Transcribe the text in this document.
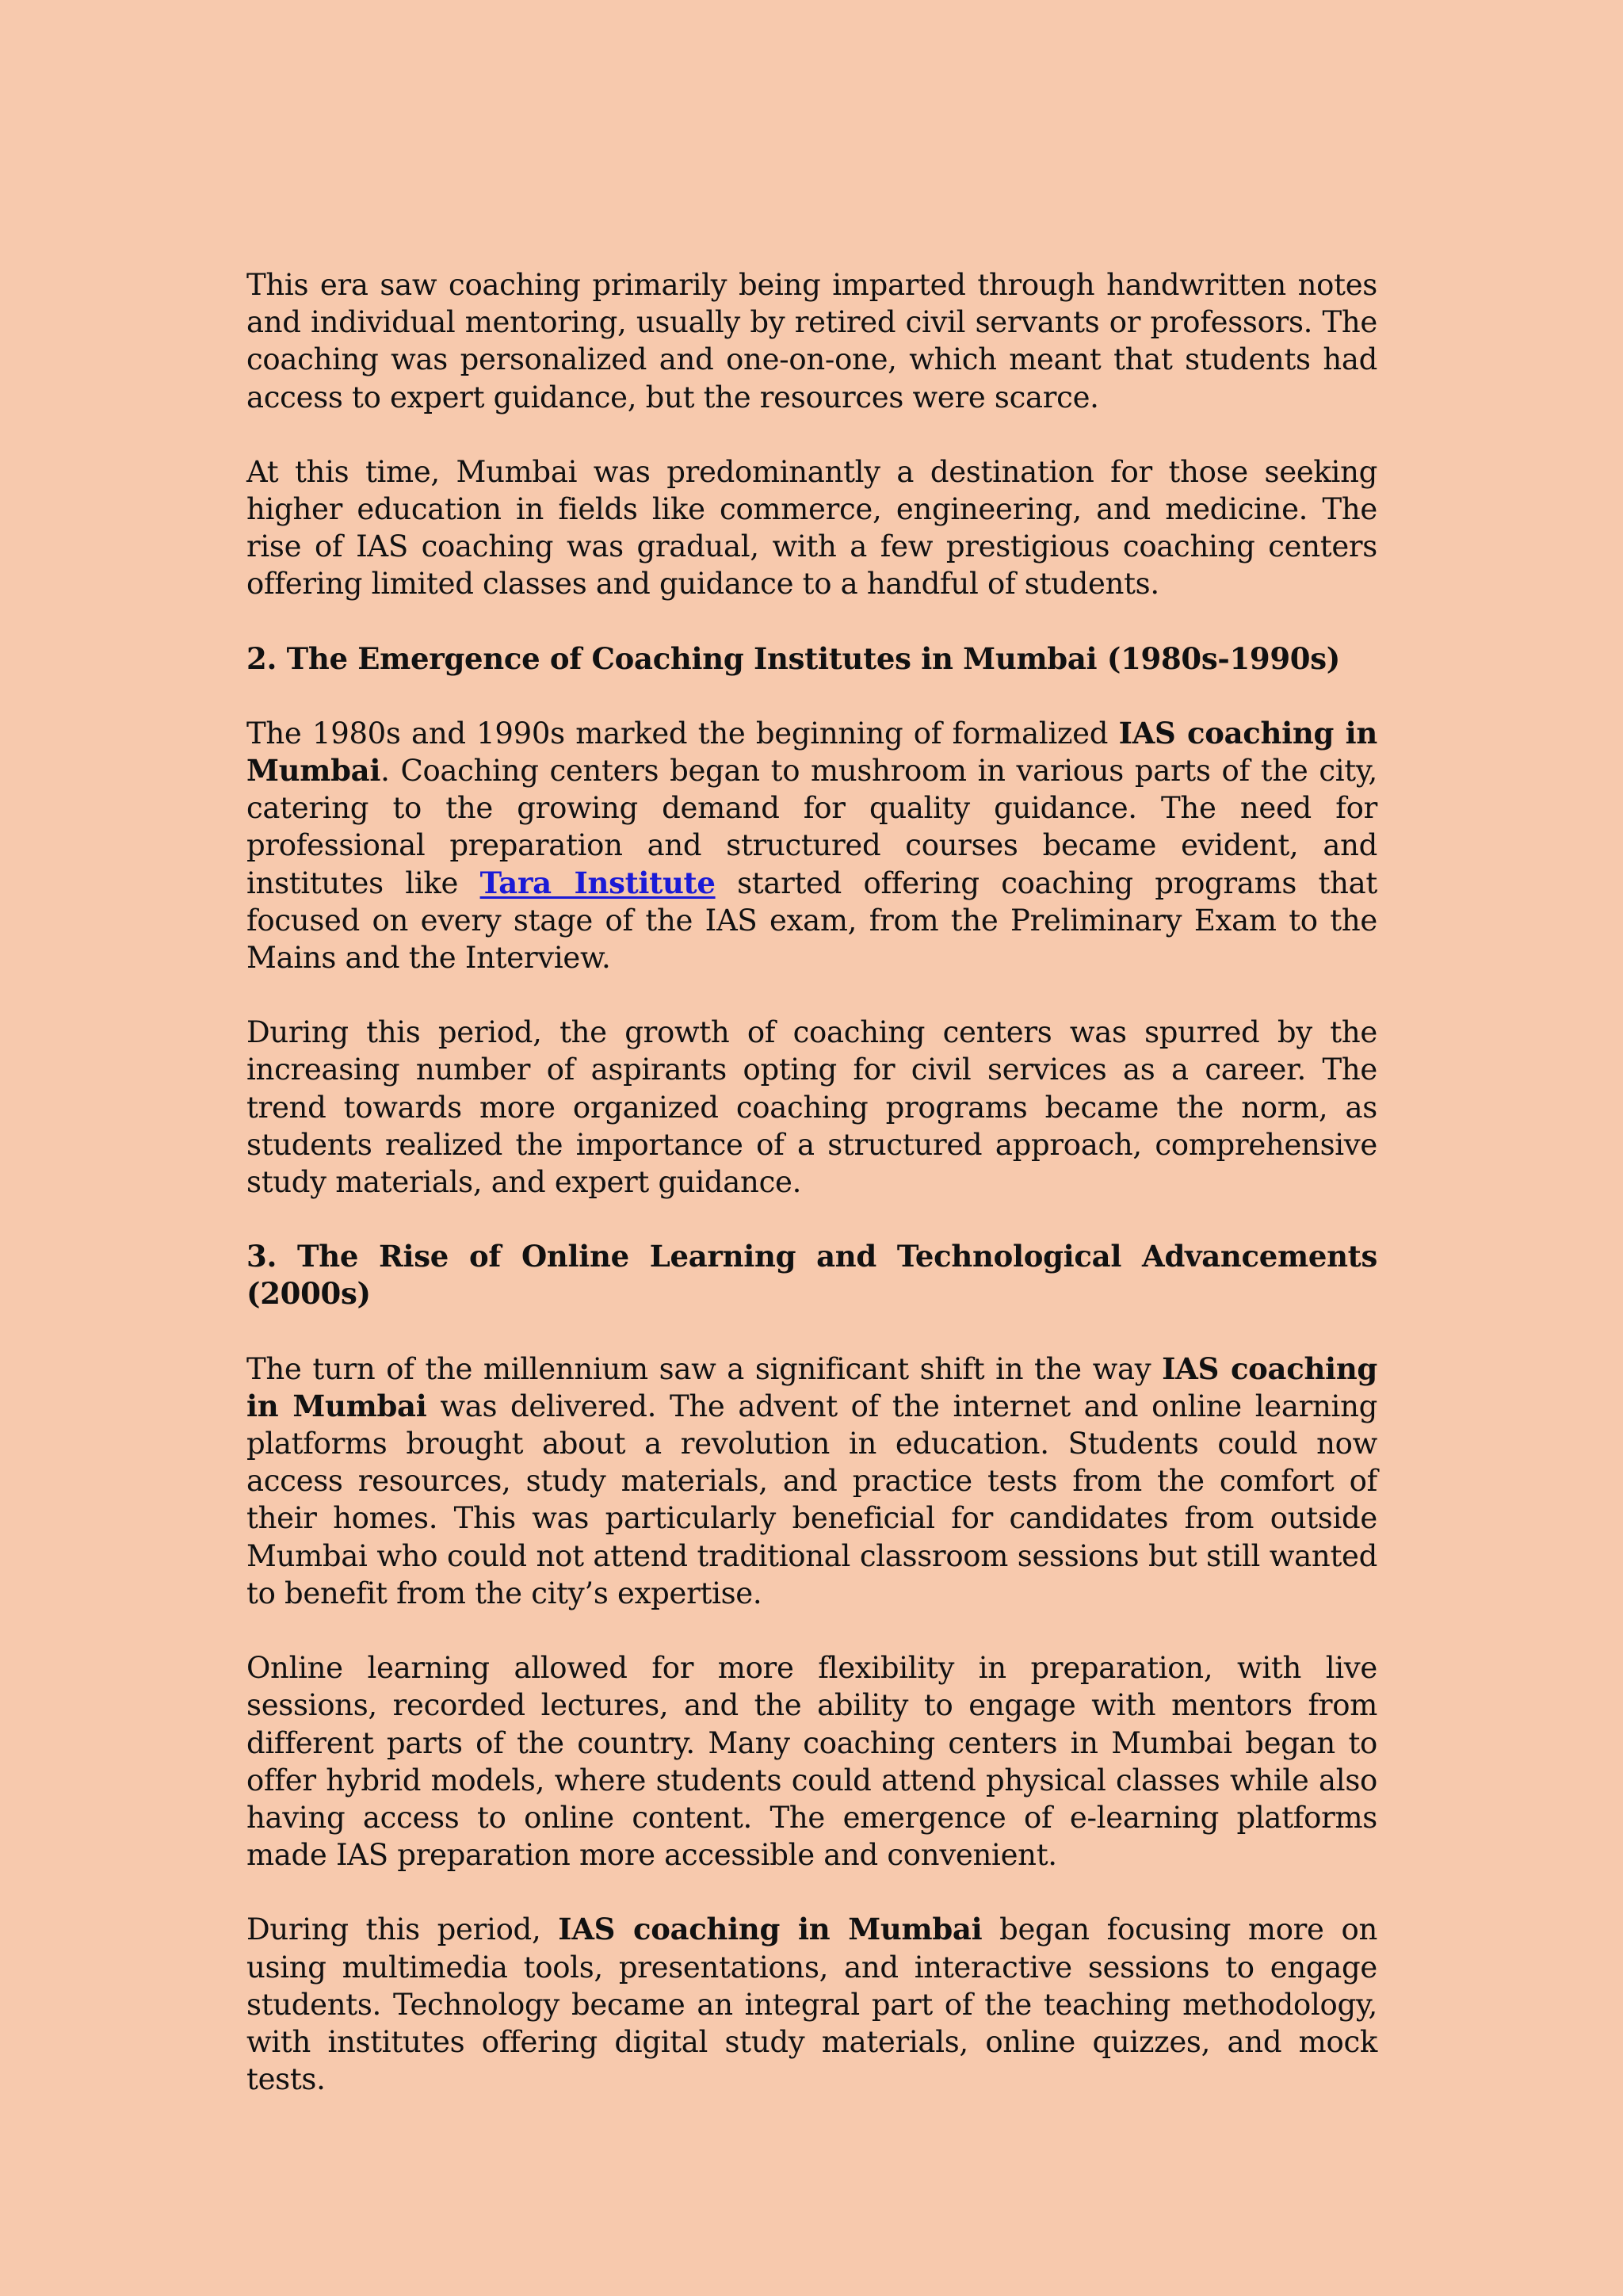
This era saw coaching primarily being imparted through handwritten notes and individual mentoring, usually by retired civil servants or professors. The coaching was personalized and one-on-one, which meant that students had access to expert guidance, but the resources were scarce.

At this time, Mumbai was predominantly a destination for those seeking higher education in fields like commerce, engineering, and medicine. The rise of IAS coaching was gradual, with a few prestigious coaching centers offering limited classes and guidance to a handful of students.

2. The Emergence of Coaching Institutes in Mumbai (1980s-1990s)

The 1980s and 1990s marked the beginning of formalized IAS coaching in Mumbai. Coaching centers began to mushroom in various parts of the city, catering to the growing demand for quality guidance. The need for professional preparation and structured courses became evident, and institutes like Tara Institute started offering coaching programs that focused on every stage of the IAS exam, from the Preliminary Exam to the Mains and the Interview.

During this period, the growth of coaching centers was spurred by the increasing number of aspirants opting for civil services as a career. The trend towards more organized coaching programs became the norm, as students realized the importance of a structured approach, comprehensive study materials, and expert guidance.

3. The Rise of Online Learning and Technological Advancements (2000s)

The turn of the millennium saw a significant shift in the way IAS coaching in Mumbai was delivered. The advent of the internet and online learning platforms brought about a revolution in education. Students could now access resources, study materials, and practice tests from the comfort of their homes. This was particularly beneficial for candidates from outside Mumbai who could not attend traditional classroom sessions but still wanted to benefit from the city’s expertise.

Online learning allowed for more flexibility in preparation, with live sessions, recorded lectures, and the ability to engage with mentors from different parts of the country. Many coaching centers in Mumbai began to offer hybrid models, where students could attend physical classes while also having access to online content. The emergence of e-learning platforms made IAS preparation more accessible and convenient.

During this period, IAS coaching in Mumbai began focusing more on using multimedia tools, presentations, and interactive sessions to engage students. Technology became an integral part of the teaching methodology, with institutes offering digital study materials, online quizzes, and mock tests.
